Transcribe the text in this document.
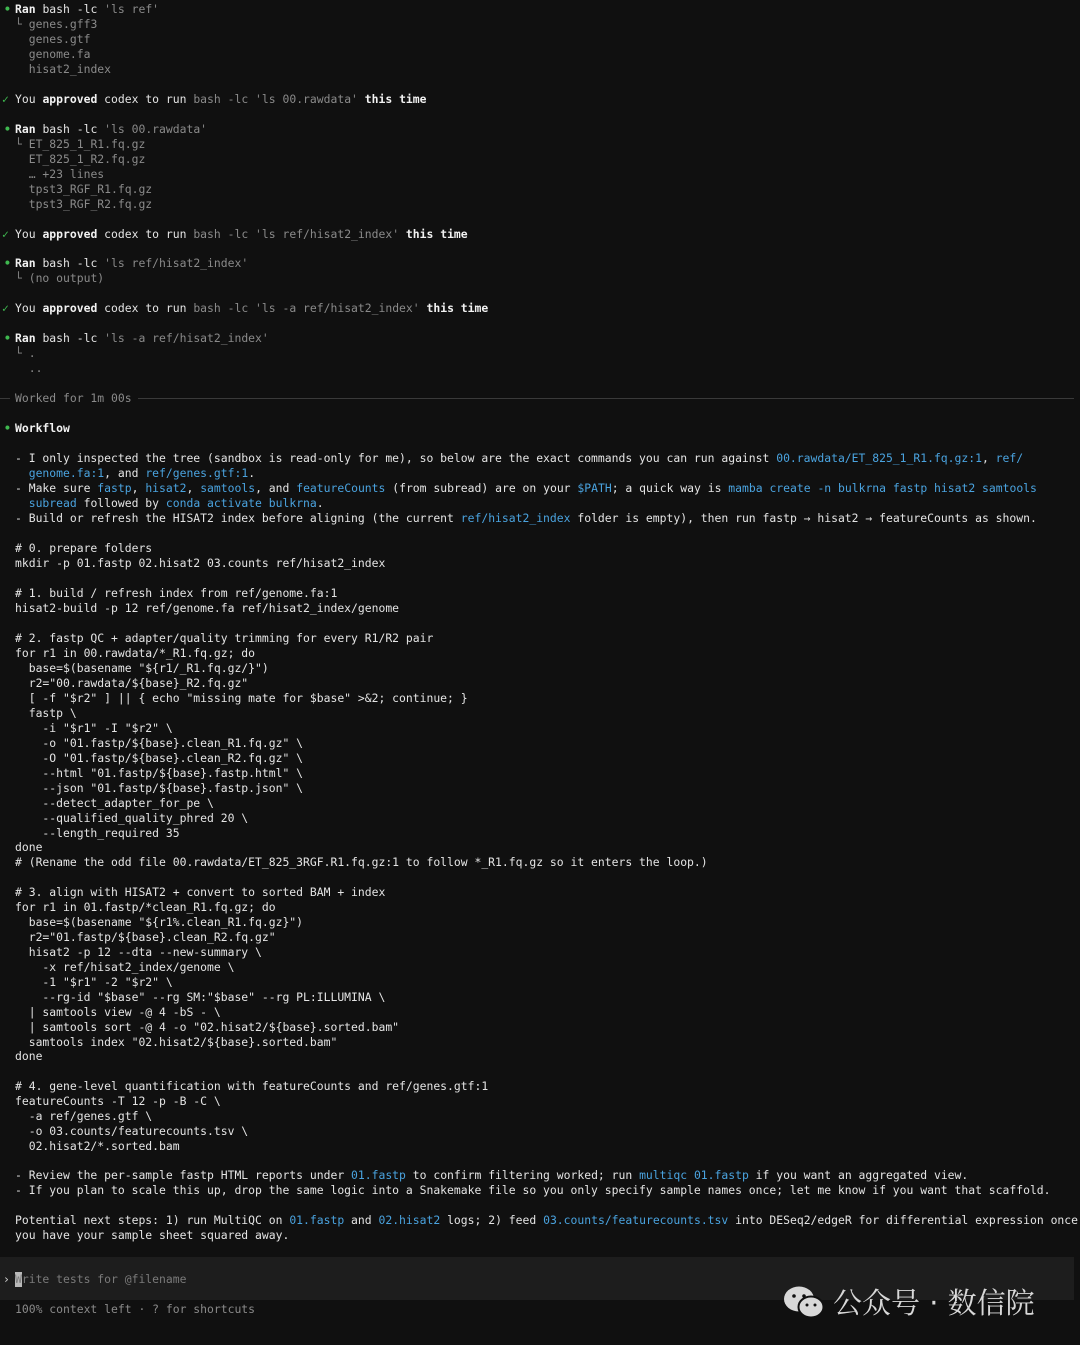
• Ran bash -lc 'ls ref'
└ genes.gff3
genes.gtf
genome.fa
hisat2_index
✓ You approved codex to run bash -lc 'ls 00.rawdata' this time
• Ran bash -lc 'ls 00.rawdata'
└ ET_825_1_R1.fq.gz
ET_825_1_R2.fq.gz
… +23 lines
tpst3_RGF_R1.fq.gz
tpst3_RGF_R2.fq.gz
✓ You approved codex to run bash -lc 'ls ref/hisat2_index' this time
• Ran bash -lc 'ls ref/hisat2_index'
└ (no output)
✓ You approved codex to run bash -lc 'ls -a ref/hisat2_index' this time
• Ran bash -lc 'ls -a ref/hisat2_index'
└ .
..
Worked for 1m 00s
• Workflow
- I only inspected the tree (sandbox is read-only for me), so below are the exact commands you can run against 00.rawdata/ET_825_1_R1.fq.gz:1, ref/
genome.fa:1, and ref/genes.gtf:1.
- Make sure fastp, hisat2, samtools, and featureCounts (from subread) are on your $PATH; a quick way is mamba create -n bulkrna fastp hisat2 samtools
subread followed by conda activate bulkrna.
- Build or refresh the HISAT2 index before aligning (the current ref/hisat2_index folder is empty), then run fastp → hisat2 → featureCounts as shown.
# 0. prepare folders
mkdir -p 01.fastp 02.hisat2 03.counts ref/hisat2_index
# 1. build / refresh index from ref/genome.fa:1
hisat2-build -p 12 ref/genome.fa ref/hisat2_index/genome
# 2. fastp QC + adapter/quality trimming for every R1/R2 pair
for r1 in 00.rawdata/*_R1.fq.gz; do
base=$(basename "${r1/_R1.fq.gz/}")
r2="00.rawdata/${base}_R2.fq.gz"
[ -f "$r2" ] || { echo "missing mate for $base" >&2; continue; }
fastp \
-i "$r1" -I "$r2" \
-o "01.fastp/${base}.clean_R1.fq.gz" \
-O "01.fastp/${base}.clean_R2.fq.gz" \
--html "01.fastp/${base}.fastp.html" \
--json "01.fastp/${base}.fastp.json" \
--detect_adapter_for_pe \
--qualified_quality_phred 20 \
--length_required 35
done
# (Rename the odd file 00.rawdata/ET_825_3RGF.R1.fq.gz:1 to follow *_R1.fq.gz so it enters the loop.)
# 3. align with HISAT2 + convert to sorted BAM + index
for r1 in 01.fastp/*clean_R1.fq.gz; do
base=$(basename "${r1%.clean_R1.fq.gz}")
r2="01.fastp/${base}.clean_R2.fq.gz"
hisat2 -p 12 --dta --new-summary \
-x ref/hisat2_index/genome \
-1 "$r1" -2 "$r2" \
--rg-id "$base" --rg SM:"$base" --rg PL:ILLUMINA \
| samtools view -@ 4 -bS - \
| samtools sort -@ 4 -o "02.hisat2/${base}.sorted.bam"
samtools index "02.hisat2/${base}.sorted.bam"
done
# 4. gene-level quantification with featureCounts and ref/genes.gtf:1
featureCounts -T 12 -p -B -C \
-a ref/genes.gtf \
-o 03.counts/featurecounts.tsv \
02.hisat2/*.sorted.bam
- Review the per-sample fastp HTML reports under 01.fastp to confirm filtering worked; run multiqc 01.fastp if you want an aggregated view.
- If you plan to scale this up, drop the same logic into a Snakemake file so you only specify sample names once; let me know if you want that scaffold.
Potential next steps: 1) run MultiQC on 01.fastp and 02.hisat2 logs; 2) feed 03.counts/featurecounts.tsv into DESeq2/edgeR for differential expression once
you have your sample sheet squared away.
› Write tests for @filename
100% context left · ? for shortcuts	公众号 · 数信院
